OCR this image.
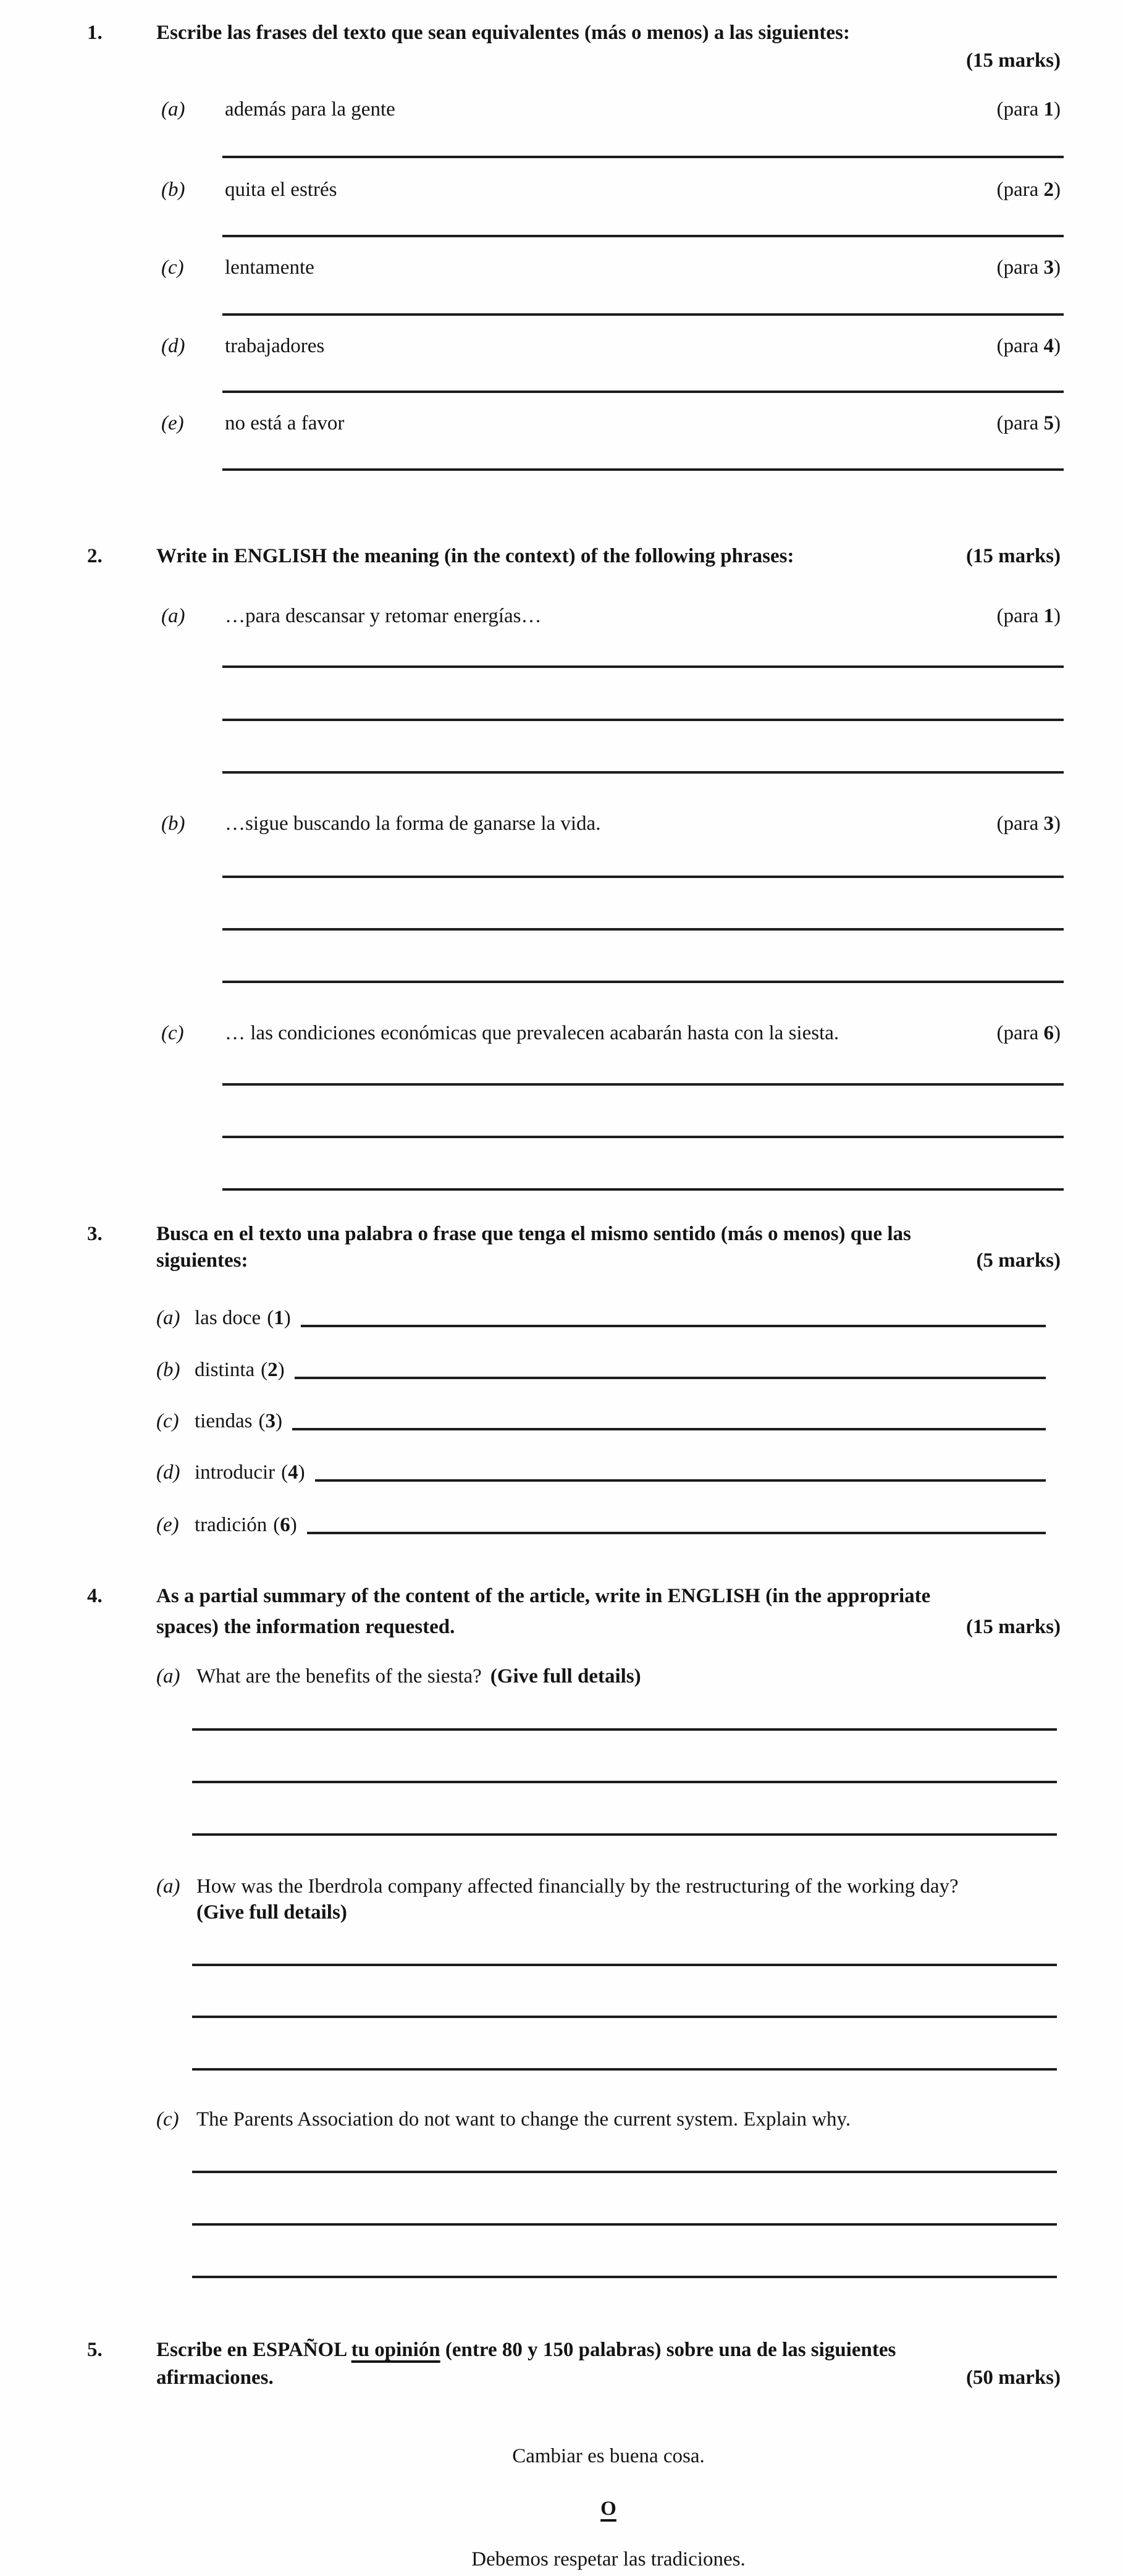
1.	Escribe las frases del texto que sean equivalentes (más o menos) a las siguientes:
(15 marks)
(a)	además para la gente	(para 1)
(b)	quita el estrés	(para 2)
(c)	lentamente	(para 3)
(d)	trabajadores	(para 4)
(e)	no está a favor	(para 5)
2.	Write in ENGLISH the meaning (in the context) of the following phrases:	(15 marks)
(a)	…para descansar y retomar energías…	(para 1)
(b)	…sigue buscando la forma de ganarse la vida.	(para 3)
(c)	… las condiciones económicas que prevalecen acabarán hasta con la siesta.	(para 6)
3.	Busca en el texto una palabra o frase que tenga el mismo sentido (más o menos) que las
siguientes:	(5 marks)
(a) las doce (1)
(b) distinta (2)
(c) tiendas (3)
(d) introducir (4)
(e) tradición (6)
4.	As a partial summary of the content of the article, write in ENGLISH (in the appropriate
spaces) the information requested.	(15 marks)
(a) What are the benefits of the siesta? (Give full details)
(a) How was the Iberdrola company affected financially by the restructuring of the working day?
(Give full details)
(c) The Parents Association do not want to change the current system. Explain why.
5.	Escribe en ESPAÑOL tu opinión (entre 80 y 150 palabras) sobre una de las siguientes
afirmaciones.	(50 marks)
Cambiar es buena cosa.
O
Debemos respetar las tradiciones.
